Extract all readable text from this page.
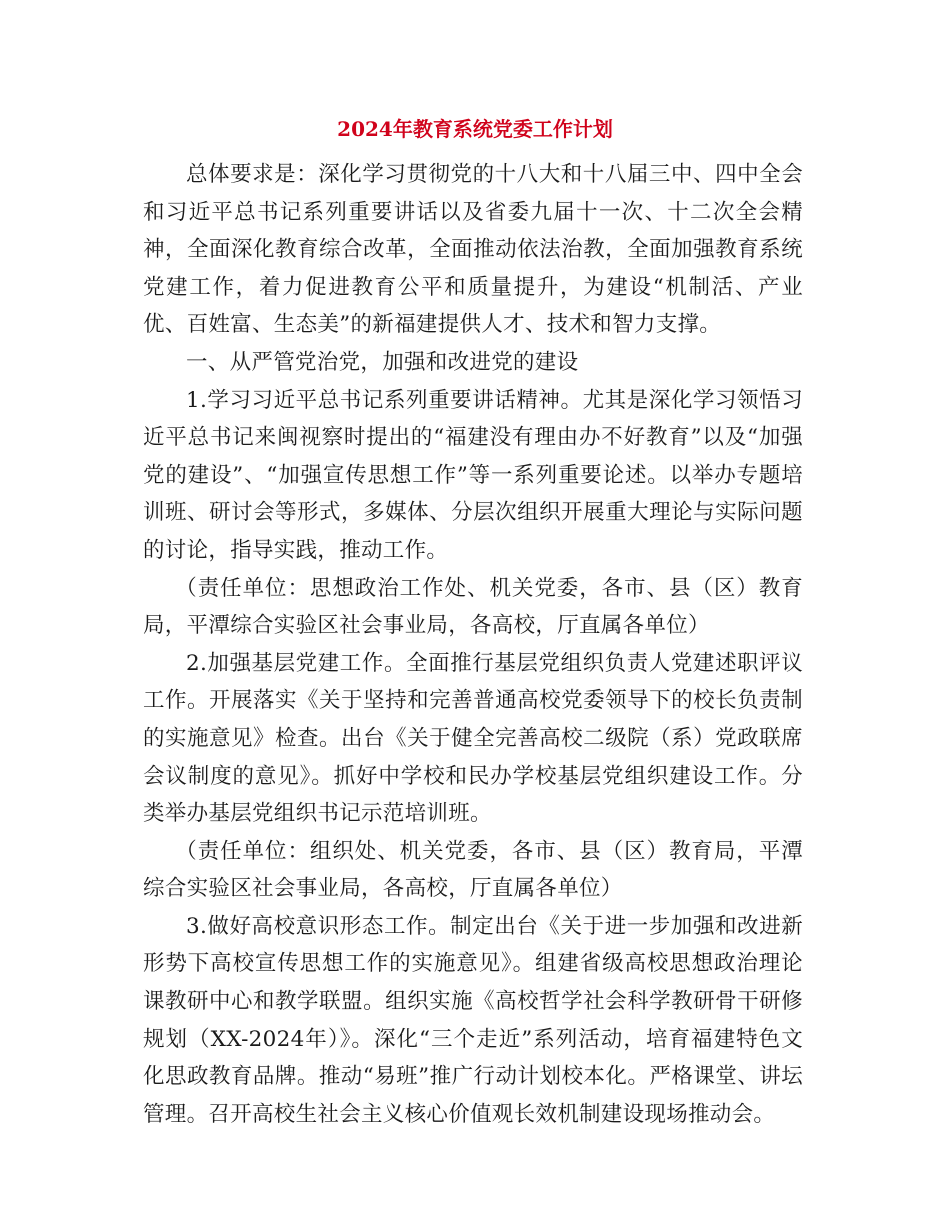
2024年教育系统党委工作计划

总体要求是：深化学习贯彻党的十八大和十八届三中、四中全会和习近平总书记系列重要讲话以及省委九届十一次、十二次全会精神，全面深化教育综合改革，全面推动依法治教，全面加强教育系统党建工作，着力促进教育公平和质量提升，为建设“机制活、产业优、百姓富、生态美”的新福建提供人才、技术和智力支撑。

一、从严管党治党，加强和改进党的建设

1.学习习近平总书记系列重要讲话精神。尤其是深化学习领悟习近平总书记来闽视察时提出的“福建没有理由办不好教育”以及“加强党的建设”、“加强宣传思想工作”等一系列重要论述。以举办专题培训班、研讨会等形式，多媒体、分层次组织开展重大理论与实际问题的讨论，指导实践，推动工作。

（责任单位：思想政治工作处、机关党委，各市、县（区）教育局，平潭综合实验区社会事业局，各高校，厅直属各单位）

2.加强基层党建工作。全面推行基层党组织负责人党建述职评议工作。开展落实《关于坚持和完善普通高校党委领导下的校长负责制的实施意见》检查。出台《关于健全完善高校二级院（系）党政联席会议制度的意见》。抓好中学校和民办学校基层党组织建设工作。分类举办基层党组织书记示范培训班。

（责任单位：组织处、机关党委，各市、县（区）教育局，平潭综合实验区社会事业局，各高校，厅直属各单位）

3.做好高校意识形态工作。制定出台《关于进一步加强和改进新形势下高校宣传思想工作的实施意见》。组建省级高校思想政治理论课教研中心和教学联盟。组织实施《高校哲学社会科学教研骨干研修规划（XX-2024年）》。深化“三个走近”系列活动，培育福建特色文化思政教育品牌。推动“易班”推广行动计划校本化。严格课堂、讲坛管理。召开高校生社会主义核心价值观长效机制建设现场推动会。
